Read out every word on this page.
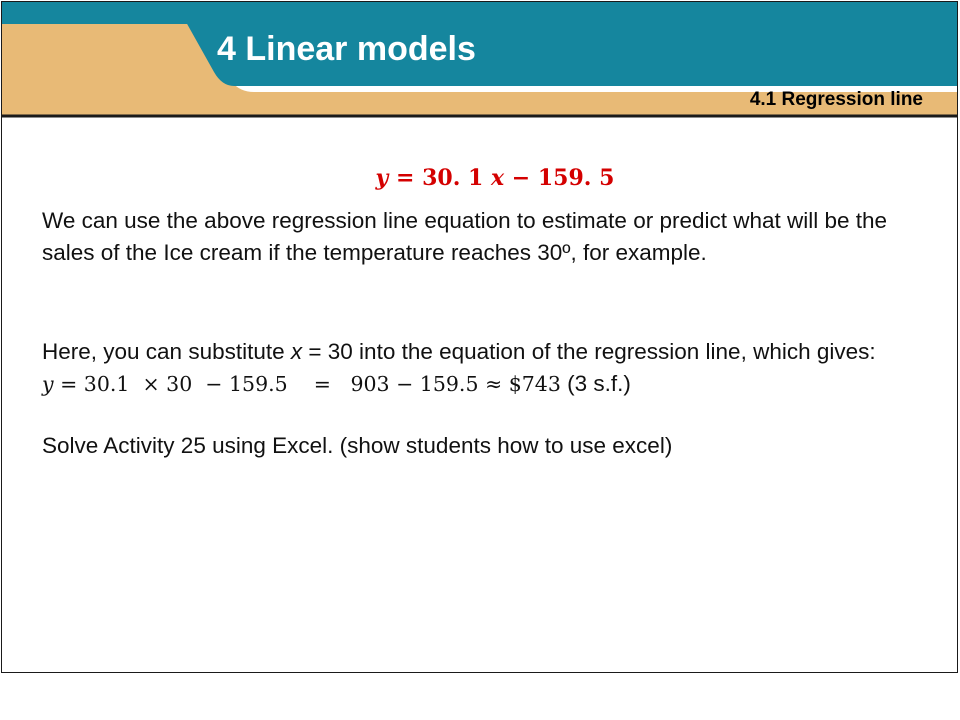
4 Linear models
4.1 Regression line
y = 30. 1 x − 159. 5

We can use the above regression line equation to estimate or predict what will be the sales of the Ice cream if the temperature reaches 30º, for example.

Here, you can substitute x = 30 into the equation of the regression line, which gives: y = 30.1  × 30  − 159.5    =   903 − 159.5 ≈ $743 (3 s.f.)

Solve Activity 25 using Excel. (show students how to use excel)
